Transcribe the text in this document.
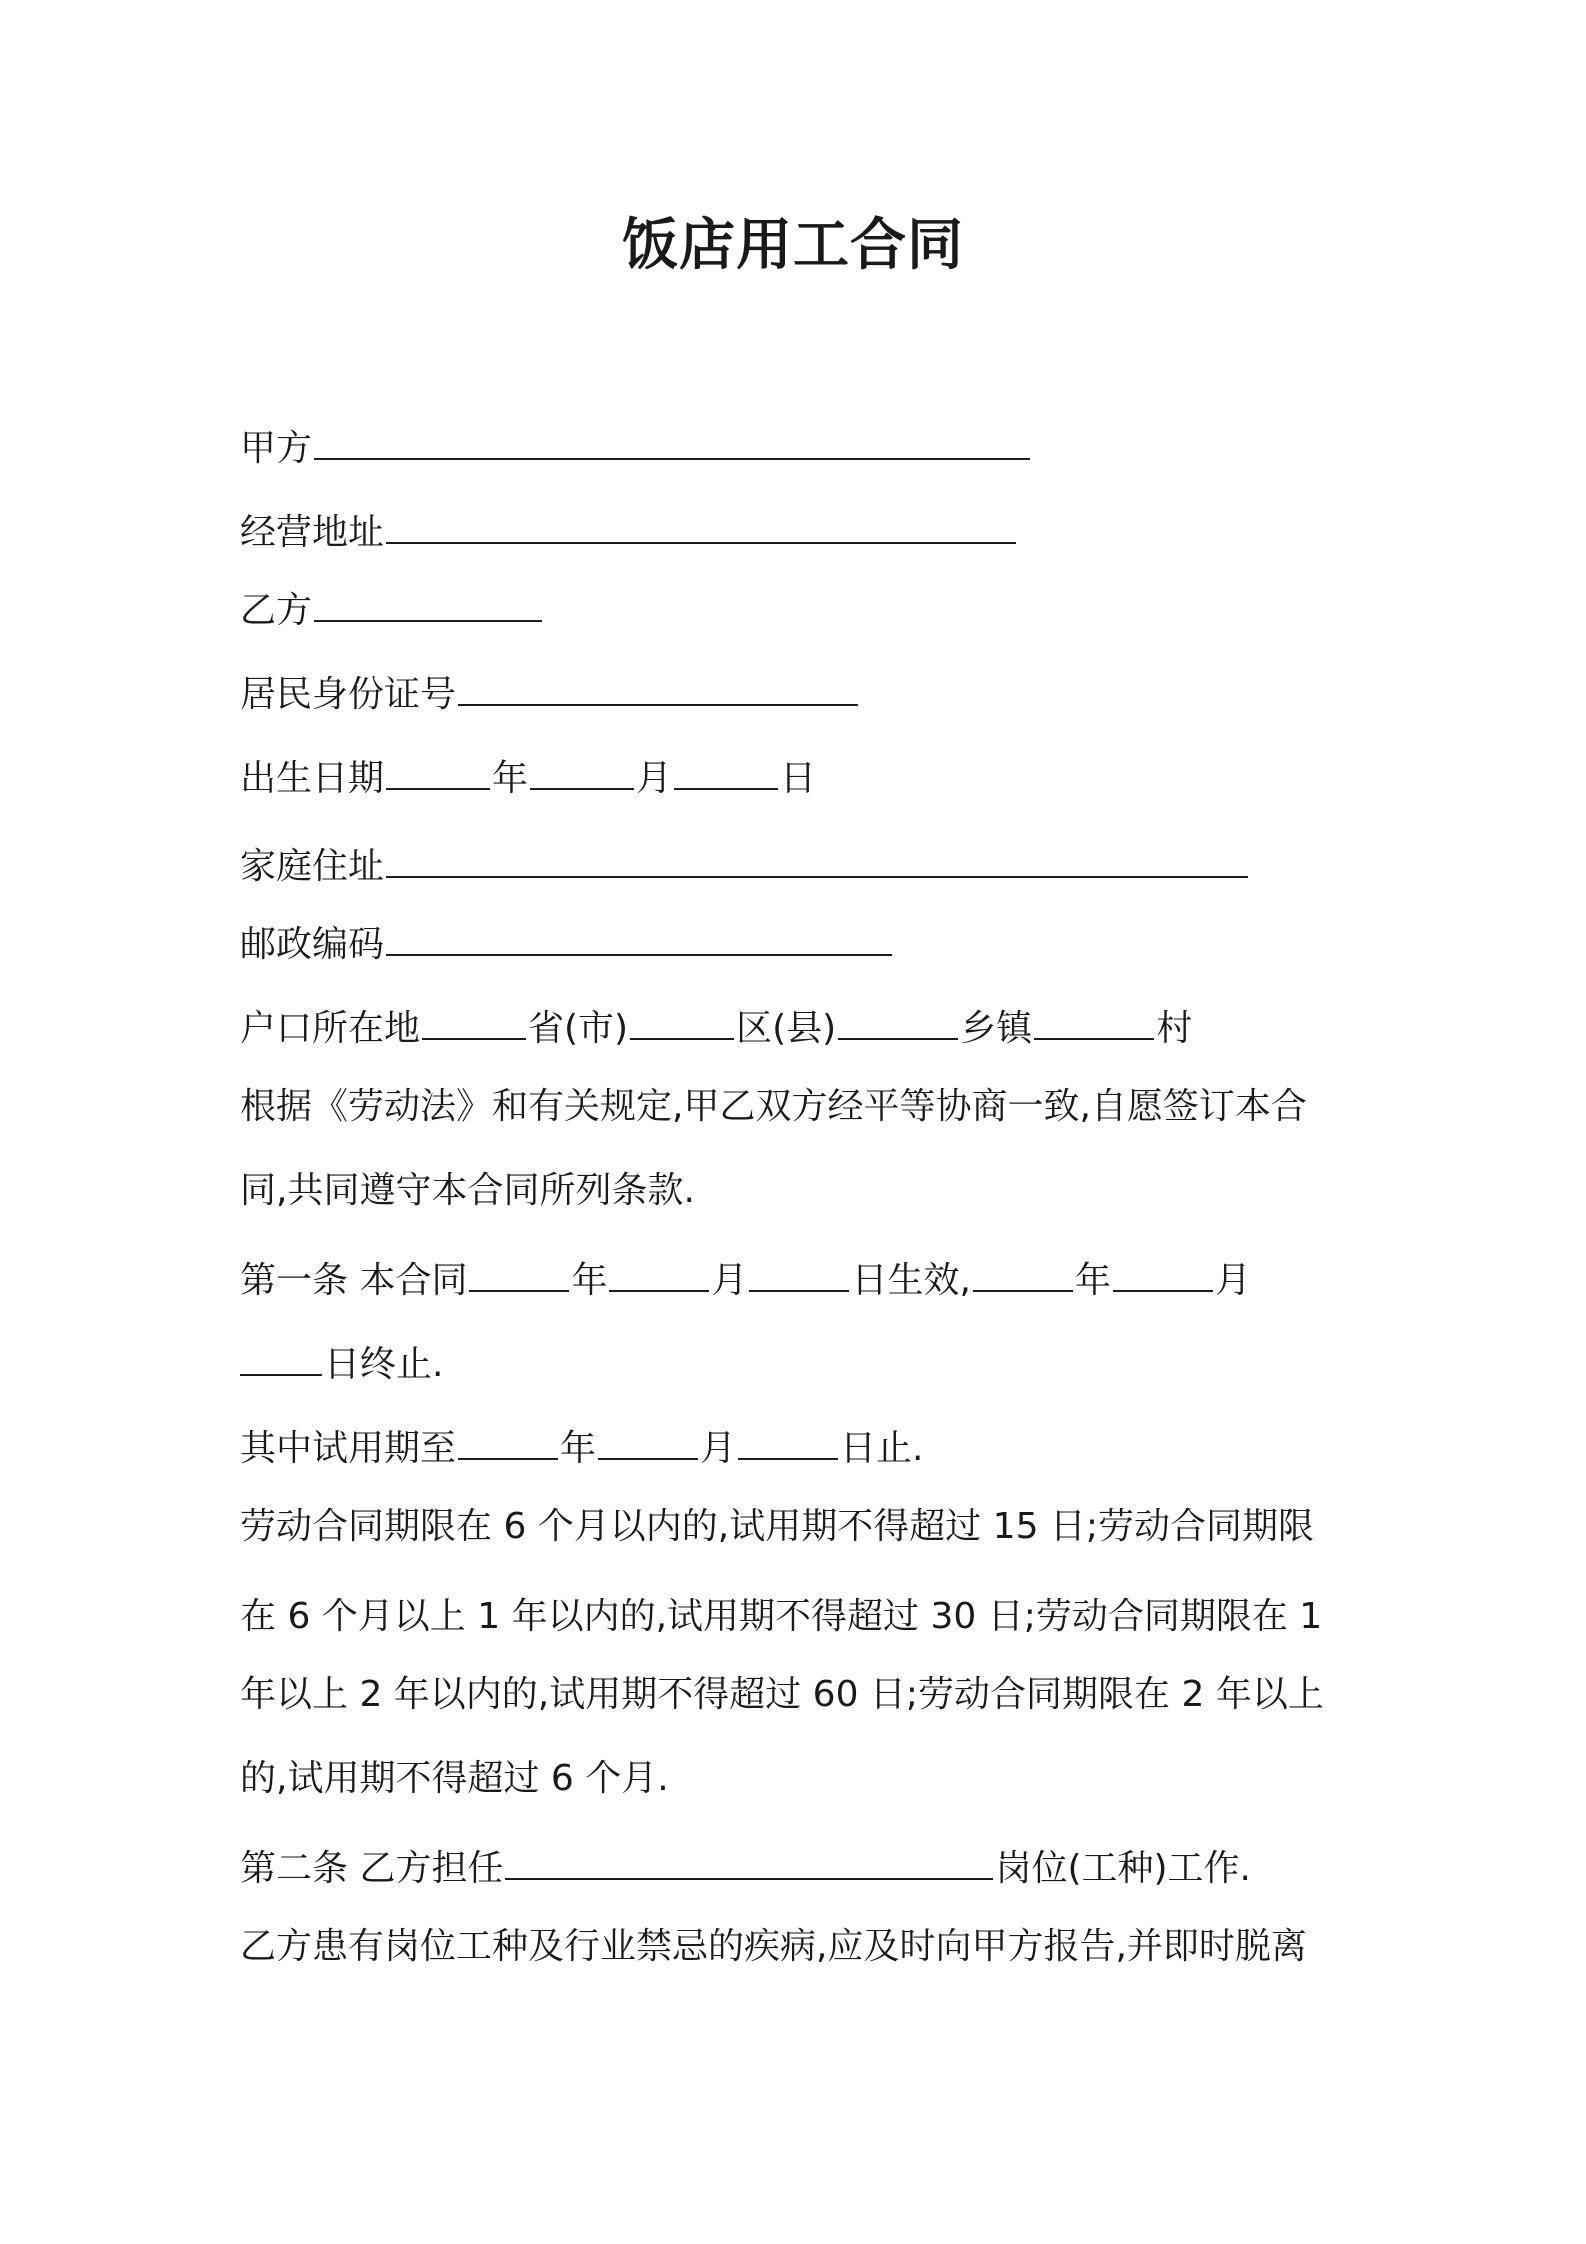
饭店用工合同
甲方
经营地址
乙方
居民身份证号
出生日期	年	月	日
家庭住址
邮政编码
户口所在地	省(市)	区(县)	乡镇	村
根据《劳动法》和有关规定,甲乙双方经平等协商一致,自愿签订本合
同,共同遵守本合同所列条款.
第一条 本合同	年	月	日生效,	年	月
日终止.
其中试用期至	年	月	日止.
劳动合同期限在 6 个月以内的,试用期不得超过 15 日;劳动合同期限
在 6 个月以上 1 年以内的,试用期不得超过 30 日;劳动合同期限在 1
年以上 2 年以内的,试用期不得超过 60 日;劳动合同期限在 2 年以上
的,试用期不得超过 6 个月.
第二条 乙方担任	岗位(工种)工作.
乙方患有岗位工种及行业禁忌的疾病,应及时向甲方报告,并即时脱离
